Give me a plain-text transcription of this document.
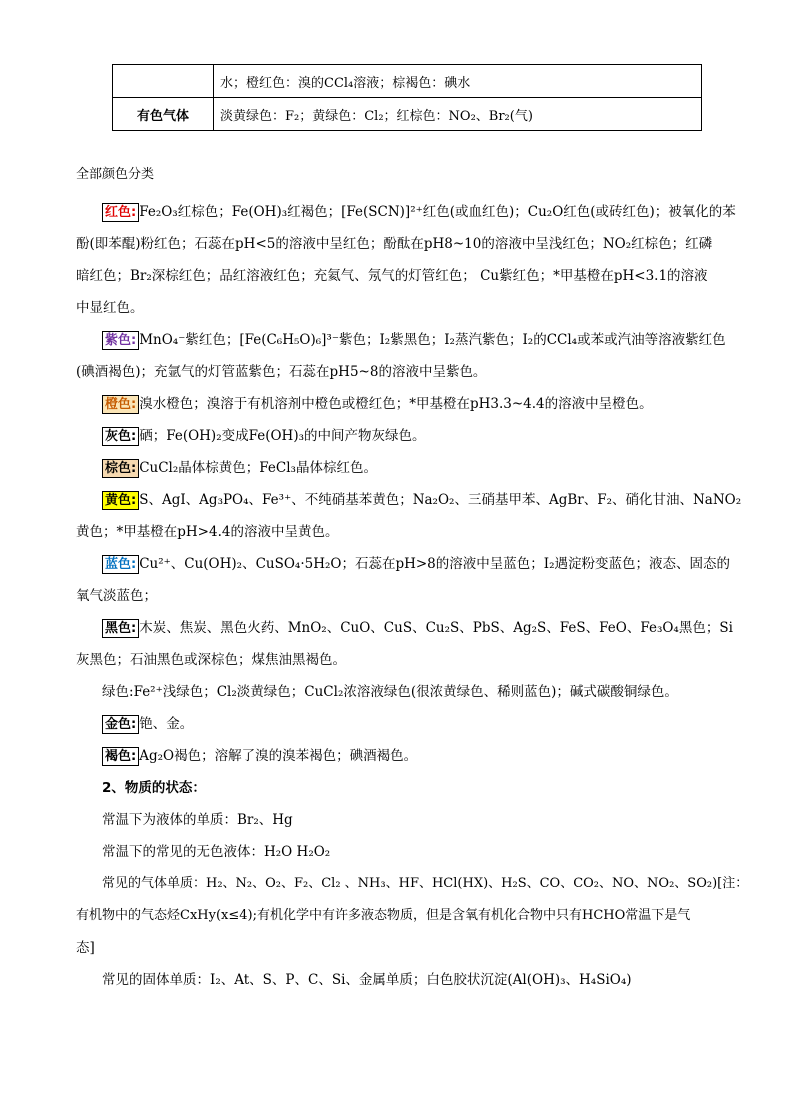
	水；橙红色：溴的CCl₄溶液；棕褐色：碘水
有色气体	淡黄绿色：F₂；黄绿色：Cl₂；红棕色：NO₂、Br₂(气)
全部颜色分类
红色: Fe₂O₃红棕色；Fe(OH)₃红褐色；[Fe(SCN)]²⁺红色(或血红色)；Cu₂O红色(或砖红色)；被氧化的苯
酚(即苯醌)粉红色；石蕊在pH<5的溶液中呈红色；酚酞在pH8~10的溶液中呈浅红色；NO₂红棕色；红磷
暗红色；Br₂深棕红色；品红溶液红色；充氦气、氖气的灯管红色； Cu紫红色；*甲基橙在pH<3.1的溶液
中显红色。
紫色: MnO₄⁻紫红色；[Fe(C₆H₅O)₆]³⁻紫色；I₂紫黑色；I₂蒸汽紫色；I₂的CCl₄或苯或汽油等溶液紫红色
(碘酒褐色)；充氩气的灯管蓝紫色；石蕊在pH5~8的溶液中呈紫色。
橙色: 溴水橙色；溴溶于有机溶剂中橙色或橙红色；*甲基橙在pH3.3~4.4的溶液中呈橙色。
灰色: 硒；Fe(OH)₂变成Fe(OH)₃的中间产物灰绿色。
棕色: CuCl₂晶体棕黄色；FeCl₃晶体棕红色。
黄色: S、AgI、Ag₃PO₄、Fe³⁺、不纯硝基苯黄色；Na₂O₂、三硝基甲苯、AgBr、F₂、硝化甘油、NaNO₂
黄色；*甲基橙在pH>4.4的溶液中呈黄色。
蓝色: Cu²⁺、Cu(OH)₂、CuSO₄·5H₂O；石蕊在pH>8的溶液中呈蓝色；I₂遇淀粉变蓝色；液态、固态的
氧气淡蓝色；
黑色: 木炭、焦炭、黑色火药、MnO₂、CuO、CuS、Cu₂S、PbS、Ag₂S、FeS、FeO、Fe₃O₄黑色；Si
灰黑色；石油黑色或深棕色；煤焦油黑褐色。
绿色:Fe²⁺浅绿色；Cl₂淡黄绿色；CuCl₂浓溶液绿色(很浓黄绿色、稀则蓝色)；碱式碳酸铜绿色。
金色: 铯、金。
褐色: Ag₂O褐色；溶解了溴的溴苯褐色；碘酒褐色。
2、物质的状态：
常温下为液体的单质：Br₂、Hg
常温下的常见的无色液体：H₂O H₂O₂
常见的气体单质：H₂、N₂、O₂、F₂、Cl₂ 、NH₃、HF、HCl(HX)、H₂S、CO、CO₂、NO、NO₂、SO₂)[注：
有机物中的气态烃CxHy(x≤4);有机化学中有许多液态物质，但是含氧有机化合物中只有HCHO常温下是气
态]
常见的固体单质：I₂、At、S、P、C、Si、金属单质；白色胶状沉淀(Al(OH)₃、H₄SiO₄)
